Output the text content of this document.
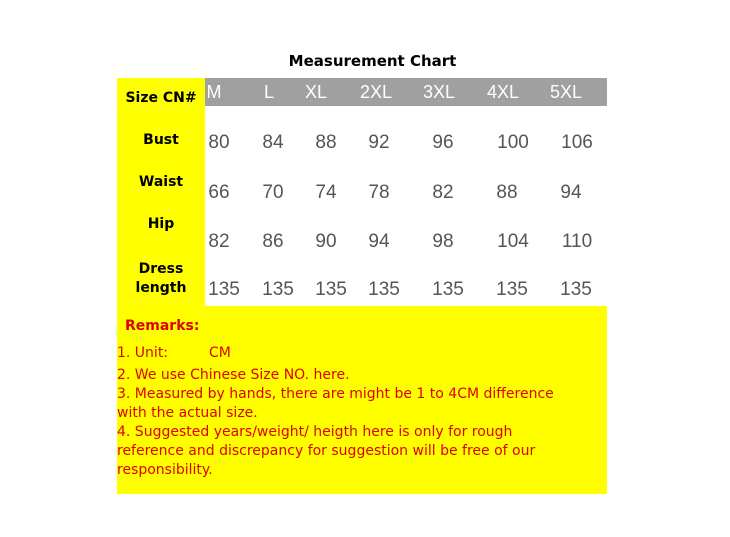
Measurement Chart
Size CN#
Bust
Waist
Hip
Dress
length
M L XL 2XL 3XL 4XL 5XL
80 84 88 92 96 100 106
66 70 74 78 82 88 94
82 86 90 94 98 104 110
135 135 135 135 135 135 135
Remarks:
1. Unit:	CM
2. We use Chinese Size NO. here.
3. Measured by hands, there are might be 1 to 4CM difference
with the actual size.
4. Suggested years/weight/ heigth here is only for rough
reference and discrepancy for suggestion will be free of our
responsibility.
